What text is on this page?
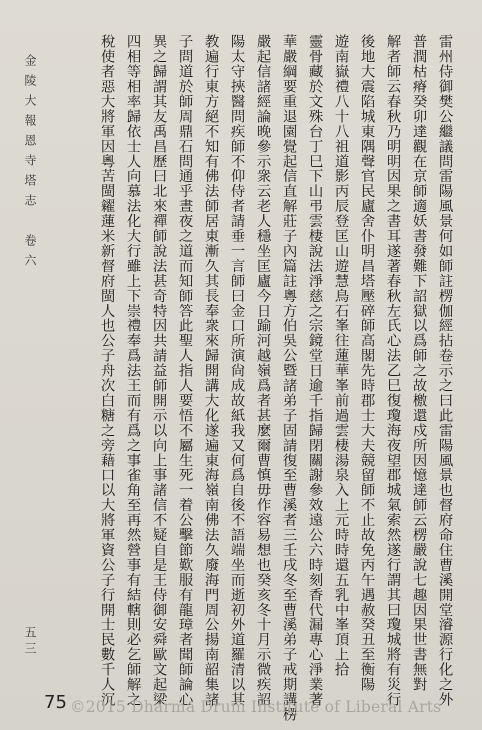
金陵大報恩寺塔志　卷六
五三	雷州侍御樊公繼議問雷陽風景何如師註楞伽經拈卷示之曰此雷陽風景也督府命住曹溪開堂濬源行化之外
普潤枯瘠癸卯達觀在京師適妖書發難下詔獄以爲師之故檄還戍所因憶達師云楞嚴說七趣因果世書無對
解者師云春秋乃明明因果之書耳遂著春秋左氏心法乙巳復瓊海夜望郡城氣索然遂行謂其曰瓊城將有災行
後地大震陷城東隅聲官民廬舍仆明昌塔壓碎師高閣先時郡士大夫競留師不止故免丙午遇赦癸丑至衡陽
遊南嶽禮八十八祖道影丙辰登匡山遊慧鳥石峯往蓮華峯前過雲棲湯泉入上元時時還五乳中峯頂上拾
靈骨藏於文殊台丁巳下山弔雲棲說法淨慈之宗鏡堂日逾千指歸閉關謝參效遠公六時刻香代漏專心淨業著
華嚴綱要重退園覺起信直解莊子內篇註粵方伯吳公暨諸弟子固請復至曹溪者三壬戌冬至曹溪弟子戒期講楞
嚴起信諸經論晚參示衆云老人穩坐匡廬今日踰河越嶺爲者甚麼爾曹慎毋作容易想也癸亥冬十月示微疾詔
陽太守挾醫問疾師不仰侍者請垂一言師曰金口所演尙成故紙我又何爲自後不語端坐而逝初外道羅清以其
教遍行東方絕不知有佛法師居東漸久其長奉衆來歸開講大化遂遍東海嶺南佛法久廢海門周公揚南韶集諸
子問道於師周鼎石問通乎晝夜之道而知師答此聖人指人要悟不屬生死一着公擊節歎服有龍璋者聞師論心
異之歸謂其友禹昌歷曰北來禪師說法甚奇特因共請益師開示以向上事諸信不疑自是王侍御安舜歐文起梁
四相等相率歸依士人向慕法化大行雖上下崇禮奉爲法王而有爲之事雀角至再然營事有結轄則必乞師解之
稅使者惡大將軍因粵苦閩糴蓮米新督府閩人也公子舟次白糖之旁藉口以大將軍資公子行開士民數千人沉
75 ©2015 Dharma Drum Institute of Liberal Arts
